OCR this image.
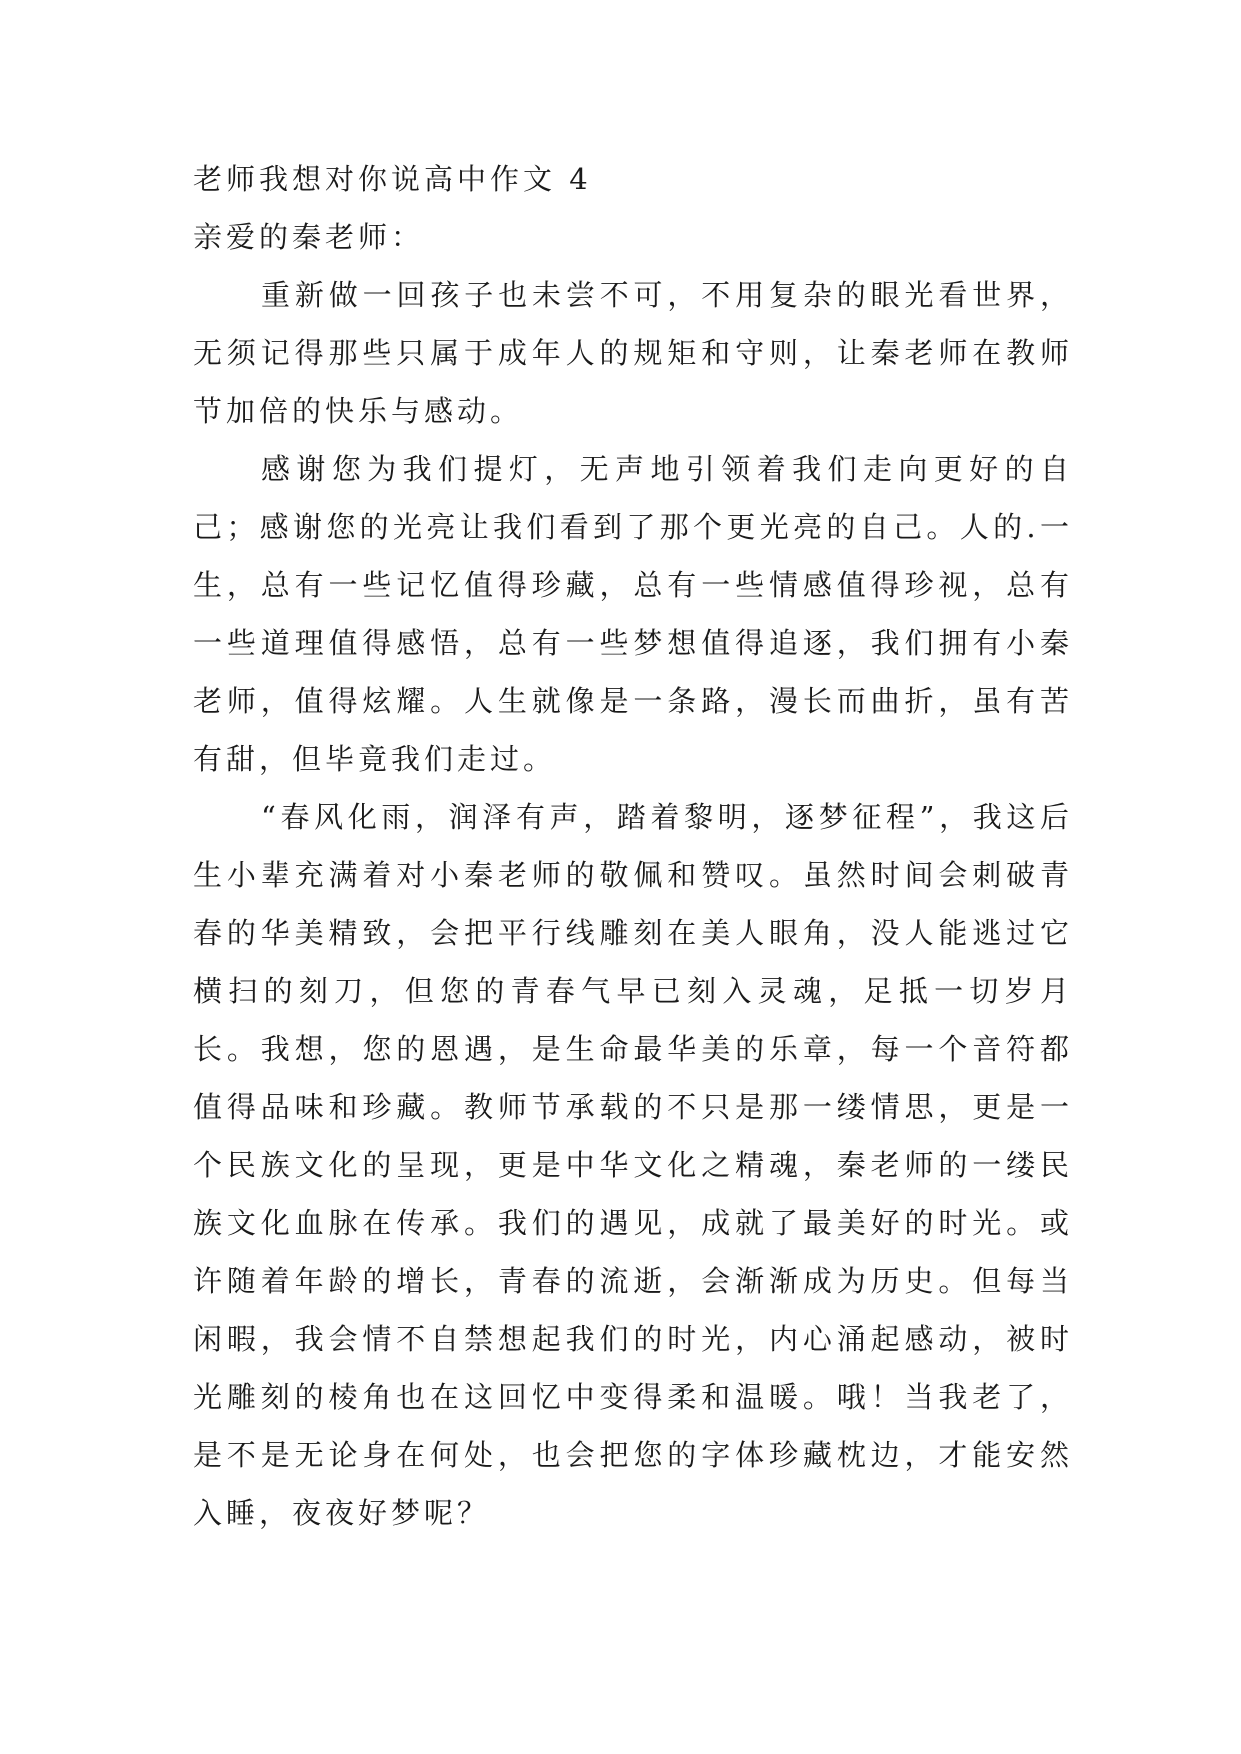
老师我想对你说高中作文 4

亲爱的秦老师：

重新做一回孩子也未尝不可，不用复杂的眼光看世界，无须记得那些只属于成年人的规矩和守则，让秦老师在教师节加倍的快乐与感动。

感谢您为我们提灯，无声地引领着我们走向更好的自己；感谢您的光亮让我们看到了那个更光亮的自己。人的.一生，总有一些记忆值得珍藏，总有一些情感值得珍视，总有一些道理值得感悟，总有一些梦想值得追逐，我们拥有小秦老师，值得炫耀。人生就像是一条路，漫长而曲折，虽有苦有甜，但毕竟我们走过。

“春风化雨，润泽有声，踏着黎明，逐梦征程”，我这后生小辈充满着对小秦老师的敬佩和赞叹。虽然时间会刺破青春的华美精致，会把平行线雕刻在美人眼角，没人能逃过它横扫的刻刀，但您的青春气早已刻入灵魂，足抵一切岁月长。我想，您的恩遇，是生命最华美的乐章，每一个音符都值得品味和珍藏。教师节承载的不只是那一缕情思，更是一个民族文化的呈现，更是中华文化之精魂，秦老师的一缕民族文化血脉在传承。我们的遇见，成就了最美好的时光。或许随着年龄的增长，青春的流逝，会渐渐成为历史。但每当闲暇，我会情不自禁想起我们的时光，内心涌起感动，被时光雕刻的棱角也在这回忆中变得柔和温暖。哦！当我老了，是不是无论身在何处，也会把您的字体珍藏枕边，才能安然入睡，夜夜好梦呢？
